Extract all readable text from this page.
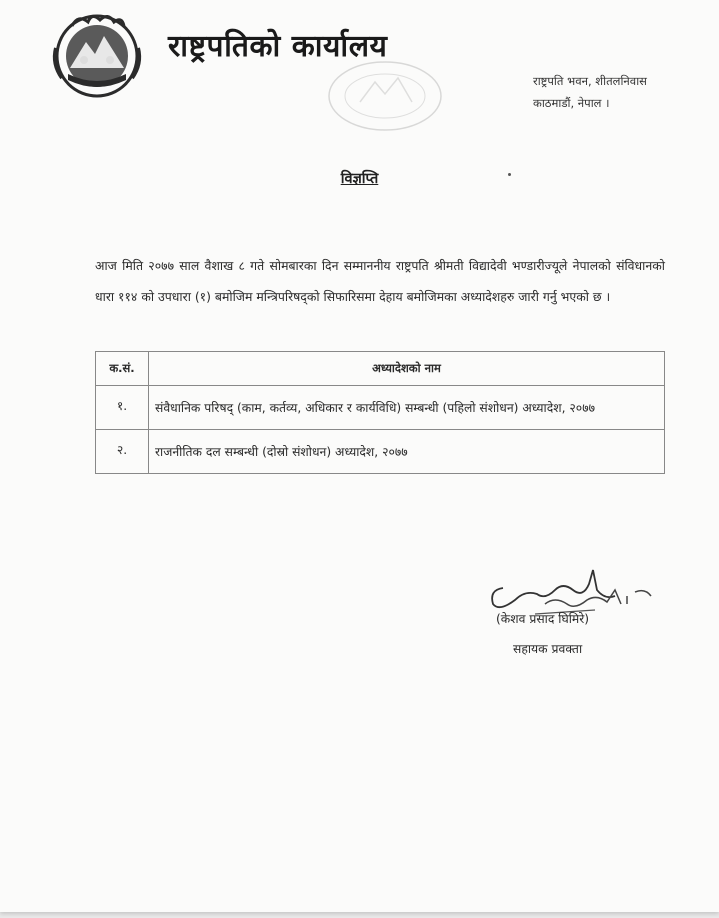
राष्ट्रपतिको कार्यालय
राष्ट्रपति भवन, शीतलनिवास
काठमाडौं, नेपाल ।
विज्ञप्ति
आज मिति २०७७ साल वैशाख ८ गते सोमबारका दिन सम्माननीय राष्ट्रपति श्रीमती विद्यादेवी भण्डारीज्यूले नेपालको संविधानको धारा ११४ को उपधारा (१) बमोजिम मन्त्रिपरिषद्को सिफारिसमा देहाय बमोजिमका अध्यादेशहरु जारी गर्नु भएको छ ।
क.सं.	अध्यादेशको नाम
१.	संवैधानिक परिषद् (काम, कर्तव्य, अधिकार र कार्यविधि) सम्बन्धी (पहिलो संशोधन) अध्यादेश, २०७७
२.	राजनीतिक दल सम्बन्धी (दोस्रो संशोधन) अध्यादेश, २०७७
(केशव प्रसाद घिमिरे)
सहायक प्रवक्ता
